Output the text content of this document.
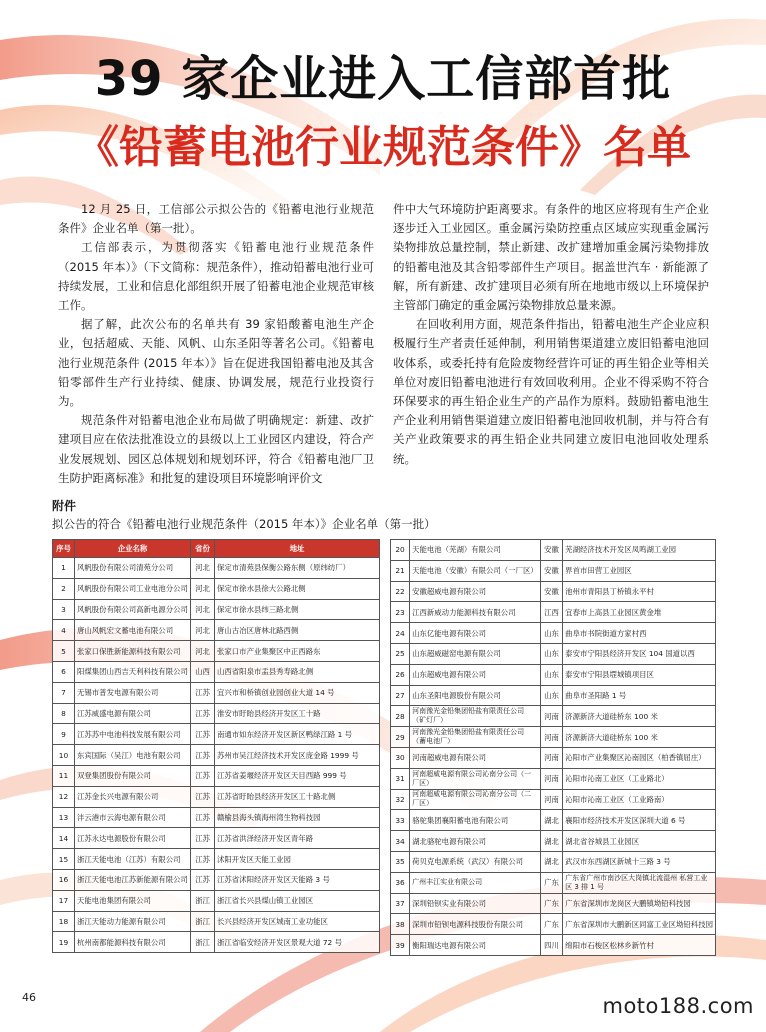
39 家企业进入工信部首批
《铅蓄电池行业规范条件》名单

12 月 25 日，工信部公示拟公告的《铅蓄电池行业规范条件》企业名单（第一批）。

工信部表示，为贯彻落实《铅蓄电池行业规范条件（2015 年本）》（下文简称：规范条件），推动铅蓄电池行业可持续发展，工业和信息化部组织开展了铅蓄电池企业规范审核工作。

据了解，此次公布的名单共有 39 家铅酸蓄电池生产企业，包括超威、天能、风帆、山东圣阳等著名公司。《铅蓄电池行业规范条件 (2015 年本）》旨在促进我国铅蓄电池及其含铅零部件生产行业持续、健康、协调发展，规范行业投资行为。

规范条件对铅蓄电池企业布局做了明确规定：新建、改扩建项目应在依法批准设立的县级以上工业园区内建设，符合产业发展规划、园区总体规划和规划环评，符合《铅蓄电池厂卫生防护距离标准》和批复的建设项目环境影响评价文

件中大气环境防护距离要求。有条件的地区应将现有生产企业逐步迁入工业园区。重金属污染防控重点区域应实现重金属污染物排放总量控制，禁止新建、改扩建增加重金属污染物排放的铅蓄电池及其含铅零部件生产项目。据盖世汽车 · 新能源了解，所有新建、改扩建项目必须有所在地地市级以上环境保护主管部门确定的重金属污染物排放总量来源。

在回收利用方面，规范条件指出，铅蓄电池生产企业应积极履行生产者责任延伸制，利用销售渠道建立废旧铅蓄电池回收体系，或委托持有危险废物经营许可证的再生铅企业等相关单位对废旧铅蓄电池进行有效回收利用。企业不得采购不符合环保要求的再生铅企业生产的产品作为原料。鼓励铅蓄电池生产企业利用销售渠道建立废旧铅蓄电池回收机制，并与符合有关产业政策要求的再生铅企业共同建立废旧电池回收处理系统。

附件
拟公告的符合《铅蓄电池行业规范条件（2015 年本）》企业名单（第一批）
序号	企业名称	省份	地址
1	风帆股份有限公司清苑分公司	河北	保定市清苑县保衡公路东侧（原纬纺厂）
2	风帆股份有限公司工业电池分公司	河北	保定市徐水县徐大公路北侧
3	风帆股份有限公司高新电源分公司	河北	保定市徐水县纬三路北侧
4	唐山风帆宏文蓄电池有限公司	河北	唐山古冶区唐林北路西侧
5	张家口保胜新能源科技有限公司	河北	张家口市产业集聚区中正西路东
6	阳煤集团山西吉天利科技有限公司	山西	山西省阳泉市盂县秀寿路北侧
7	无锡市普发电源有限公司	江苏	宜兴市和桥镇创业园创业大道 14 号
8	江苏威盛电源有限公司	江苏	淮安市盱眙县经济开发区工十路
9	江苏苏中电池科技发展有限公司	江苏	南通市如东经济开发区新区鸭绿江路 1 号
10	东宾国际（吴江）电池有限公司	江苏	苏州市吴江经济技术开发区庞金路 1999 号
11	双登集团股份有限公司	江苏	江苏省姜堰经济开发区天目西路 999 号
12	江苏金长兴电源有限公司	江苏	江苏省盱眙县经济开发区工十路北侧
13	沣云港市云海电源有限公司	江苏	赣榆县海头镇海州湾生物科技园
14	江苏永达电源股份有限公司	江苏	江苏省洪泽经济开发区青年路
15	浙江天能电池（江苏）有限公司	江苏	沭阳开发区天能工业园
16	浙江天能电池江苏新能源有限公司	江苏	江苏省沭阳经济开发区天能路 3 号
17	天能电池集团有限公司	浙江	浙江省长兴县煤山镇工业园区
18	浙江天能动力能源有限公司	浙江	长兴县经济开发区城南工业功能区
19	杭州南都能源科技有限公司	浙江	浙江省临安经济开发区景观大道 72 号
20	天能电池（芜湖）有限公司	安徽	芜湖经济技术开发区凤鸣湖工业园
21	天能电池（安徽）有限公司（一厂区）	安徽	界首市田营工业园区
22	安徽超威电源有限公司	安徽	池州市青阳县丁桥镇永平村
23	江西新威动力能源科技有限公司	江西	宜春市上高县工业园区黄金堆
24	山东亿能电源有限公司	山东	曲阜市书院街道方家村西
25	山东超威磁窑电源有限公司	山东	泰安市宁阳县经济开发区 104 国道以西
26	山东超威电源有限公司	山东	泰安市宁阳县堽城镇项目区
27	山东圣阳电源股份有限公司	山东	曲阜市圣阳路 1 号
28	河南豫光金铅集团铅盐有限责任公司（矿灯厂）	河南	济源新济大道硅桥东 100 米
29	河南豫光金铅集团铅盐有限责任公司（蓄电池厂）	河南	济源新济大道硅桥东 100 米
30	河南超威电源有限公司	河南	沁阳市产业集聚区沁南园区（柏香镇屈庄）
31	河南超威电源有限公司沁南分公司（一厂区）	河南	沁阳市沁南工业区（工业路北）
32	河南超威电源有限公司沁南分公司（二厂区）	河南	沁阳市沁南工业区（工业路南）
33	骆驼集团襄阳蓄电池有限公司	湖北	襄阳市经济技术开发区深圳大道 6 号
34	湖北骆驼电源有限公司	湖北	湖北省谷城县工业园区
35	荷贝克电源系统（武汉）有限公司	湖北	武汉市东西湖区新城十三路 3 号
36	广州丰江实业有限公司	广东	广东省广州市南沙区大岗镇北流湿州 私营工业区 3 排 1 号
37	深圳铅钡实业有限公司	广东	广东省深圳市龙岗区大鹏镇坳铅科技园
38	深圳市铅钡电源科技股份有限公司	广东	广东省深圳市大鹏新区同富工业区坳铅科技园
39	衡阳瑞达电源有限公司	四川	绵阳市石梭区松林乡新竹村
46	moto188.com
